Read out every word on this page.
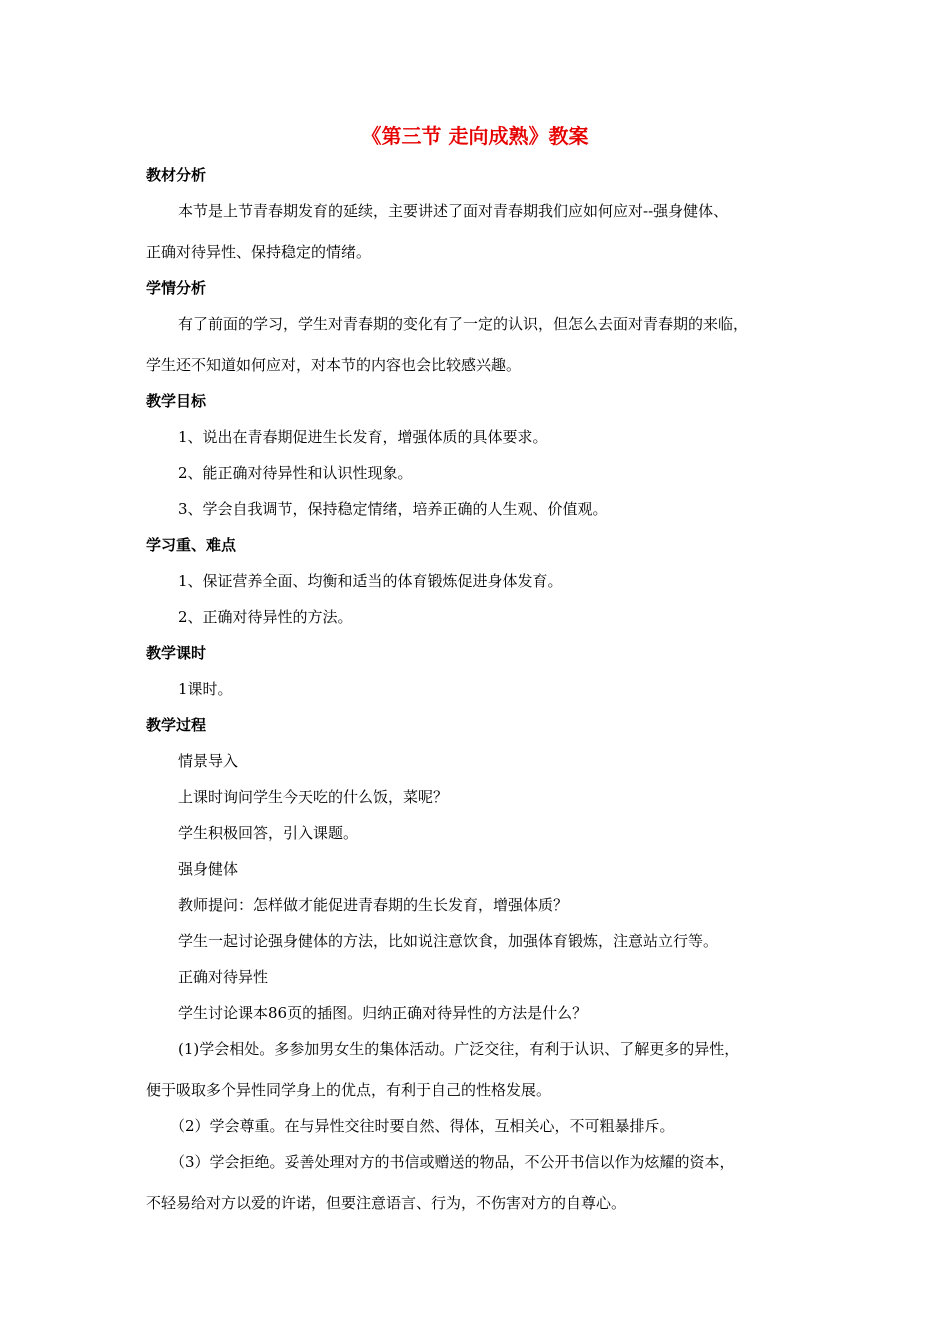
《第三节 走向成熟》教案
教材分析
本节是上节青春期发育的延续，主要讲述了面对青春期我们应如何应对--强身健体、
正确对待异性、保持稳定的情绪。
学情分析
有了前面的学习，学生对青春期的变化有了一定的认识，但怎么去面对青春期的来临，
学生还不知道如何应对，对本节的内容也会比较感兴趣。
教学目标
1、说出在青春期促进生长发育，增强体质的具体要求。
2、能正确对待异性和认识性现象。
3、学会自我调节，保持稳定情绪，培养正确的人生观、价值观。
学习重、难点
1、保证营养全面、均衡和适当的体育锻炼促进身体发育。
2、正确对待异性的方法。
教学课时
1课时。
教学过程
情景导入
上课时询问学生今天吃的什么饭，菜呢？
学生积极回答，引入课题。
强身健体
教师提问：怎样做才能促进青春期的生长发育，增强体质？
学生一起讨论强身健体的方法，比如说注意饮食，加强体育锻炼，注意站立行等。
正确对待异性
学生讨论课本86页的插图。归纳正确对待异性的方法是什么？
(1)学会相处。多参加男女生的集体活动。广泛交往，有利于认识、了解更多的异性，
便于吸取多个异性同学身上的优点，有利于自己的性格发展。
（2）学会尊重。在与异性交往时要自然、得体，互相关心，不可粗暴排斥。
（3）学会拒绝。妥善处理对方的书信或赠送的物品，不公开书信以作为炫耀的资本，
不轻易给对方以爱的许诺，但要注意语言、行为，不伤害对方的自尊心。
